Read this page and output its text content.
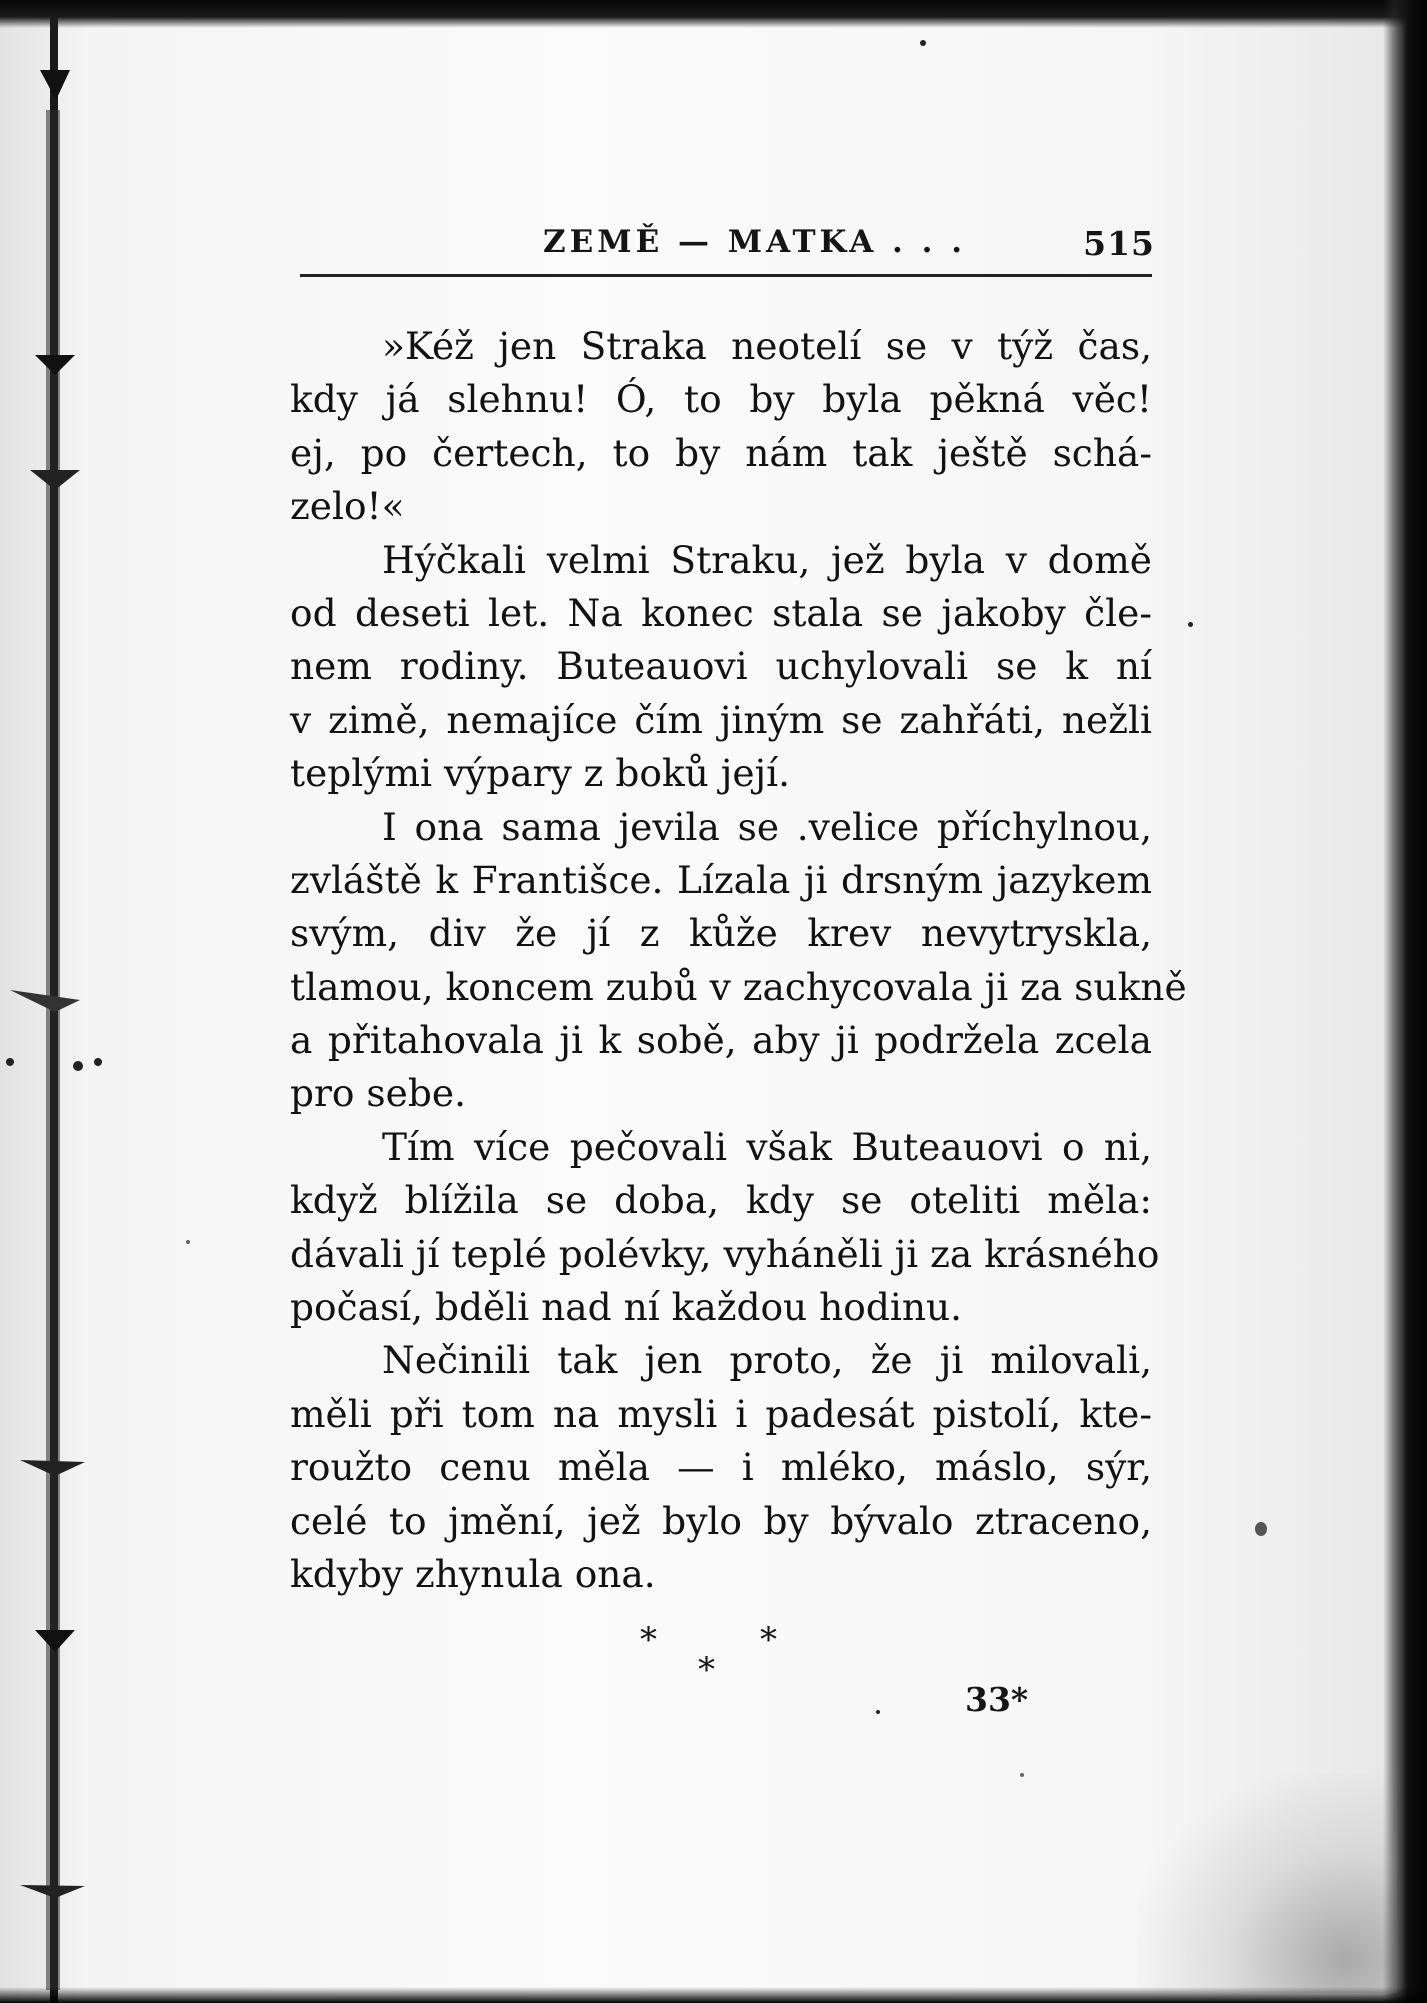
ZEMĚ — MATKA . . .	515
»Kéž jen Straka neotelí se v týž čas,
kdy já slehnu! Ó, to by byla pěkná věc!
ej, po čertech, to by nám tak ještě schá-
zelo!«
Hýčkali velmi Straku, jež byla v domě
od deseti let. Na konec stala se jakoby čle-
nem rodiny. Buteauovi uchylovali se k ní
v zimě, nemajíce čím jiným se zahřáti, nežli
teplými výpary z boků její.
I ona sama jevila se .velice příchylnou,
zvláště k Františce. Lízala ji drsným jazykem
svým, div že jí z kůže krev nevytryskla,
tlamou, koncem zubů v zachycovala ji za sukně
a přitahovala ji k sobě, aby ji podržela zcela
pro sebe.
Tím více pečovali však Buteauovi o ni,
když blížila se doba, kdy se oteliti měla:
dávali jí teplé polévky, vyháněli ji za krásného
počasí, bděli nad ní každou hodinu.
Nečinili tak jen proto, že ji milovali,
měli při tom na mysli i padesát pistolí, kte-
roužto cenu měla — i mléko, máslo, sýr,
celé to jmění, jež bylo by bývalo ztraceno,
kdyby zhynula ona.
*
*
*
33*
